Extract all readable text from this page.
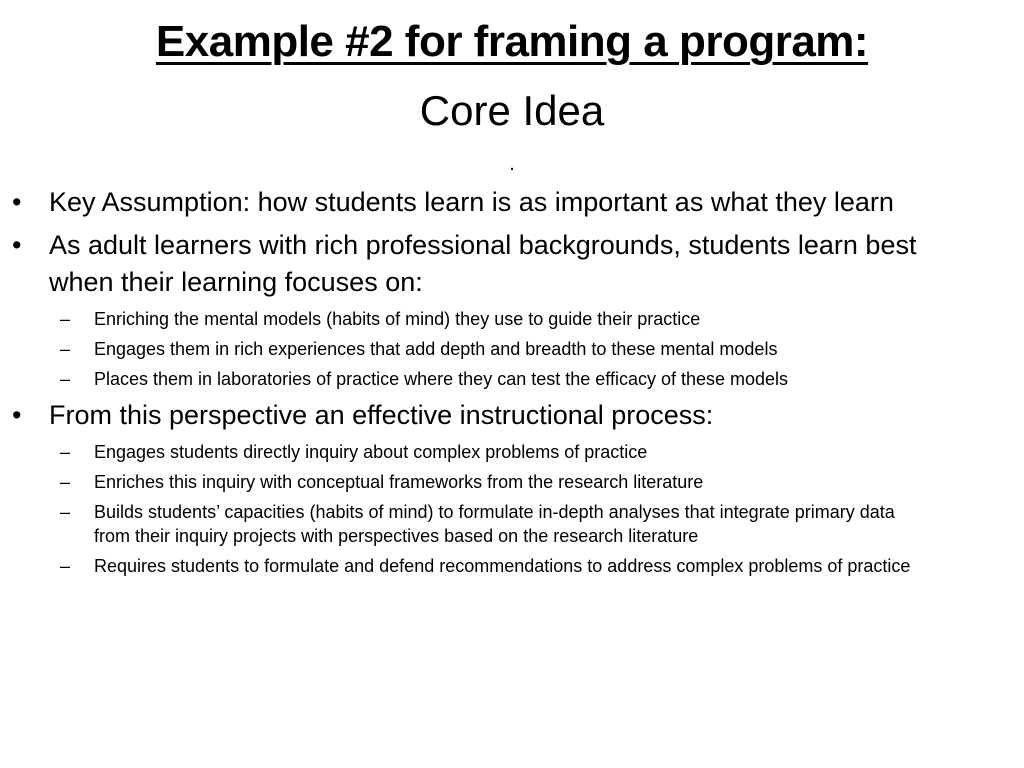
Example #2 for framing a program:
Core Idea
.
• Key Assumption: how students learn is as important as what they learn
• As adult learners with rich professional backgrounds, students learn best when their learning focuses on:
– Enriching the mental models (habits of mind) they use to guide their practice
– Engages them in rich experiences that add depth and breadth to these mental models
– Places them in laboratories of practice where they can test the efficacy of these models
• From this perspective an effective instructional process:
– Engages students directly inquiry about complex problems of practice
– Enriches this inquiry with conceptual frameworks from the research literature
– Builds students’ capacities (habits of mind) to formulate in-depth analyses that integrate primary data from their inquiry projects with perspectives based on the research literature
– Requires students to formulate and defend recommendations to address complex problems of practice
